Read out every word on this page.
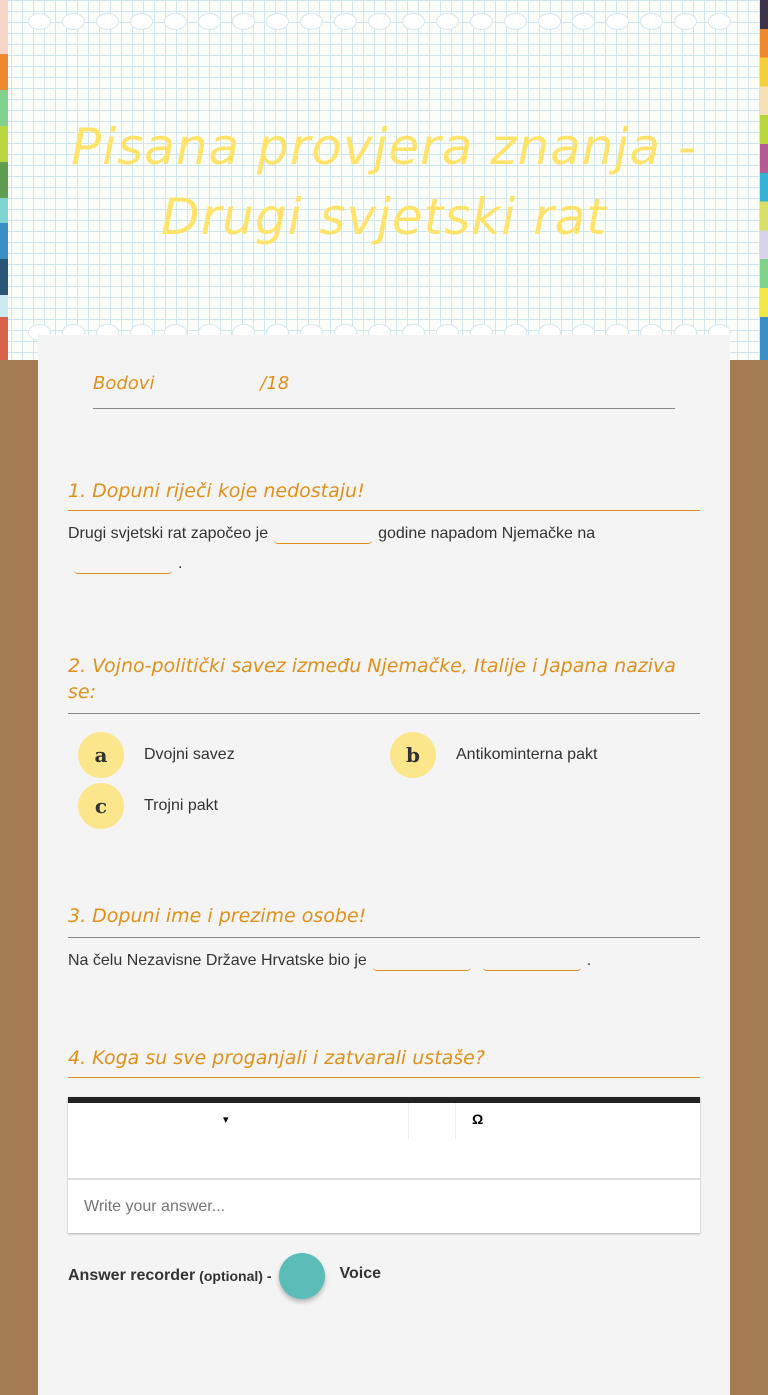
Pisana provjera znanja - Drugi svjetski rat
Bodovi	/18
1. Dopuni riječi koje nedostaju!
Drugi svjetski rat započeo je	godine napadom Njemačke na
.
2. Vojno-politički savez između Njemačke, Italije i Japana naziva se:
a	Dvojni savez	b	Antikominterna pakt
c	Trojni pakt
3. Dopuni ime i prezime osobe!
Na čelu Nezavisne Države Hrvatske bio je	.
4. Koga su sve proganjali i zatvarali ustaše?
▾	Ω
Write your answer...
Answer recorder (optional) -	Voice
